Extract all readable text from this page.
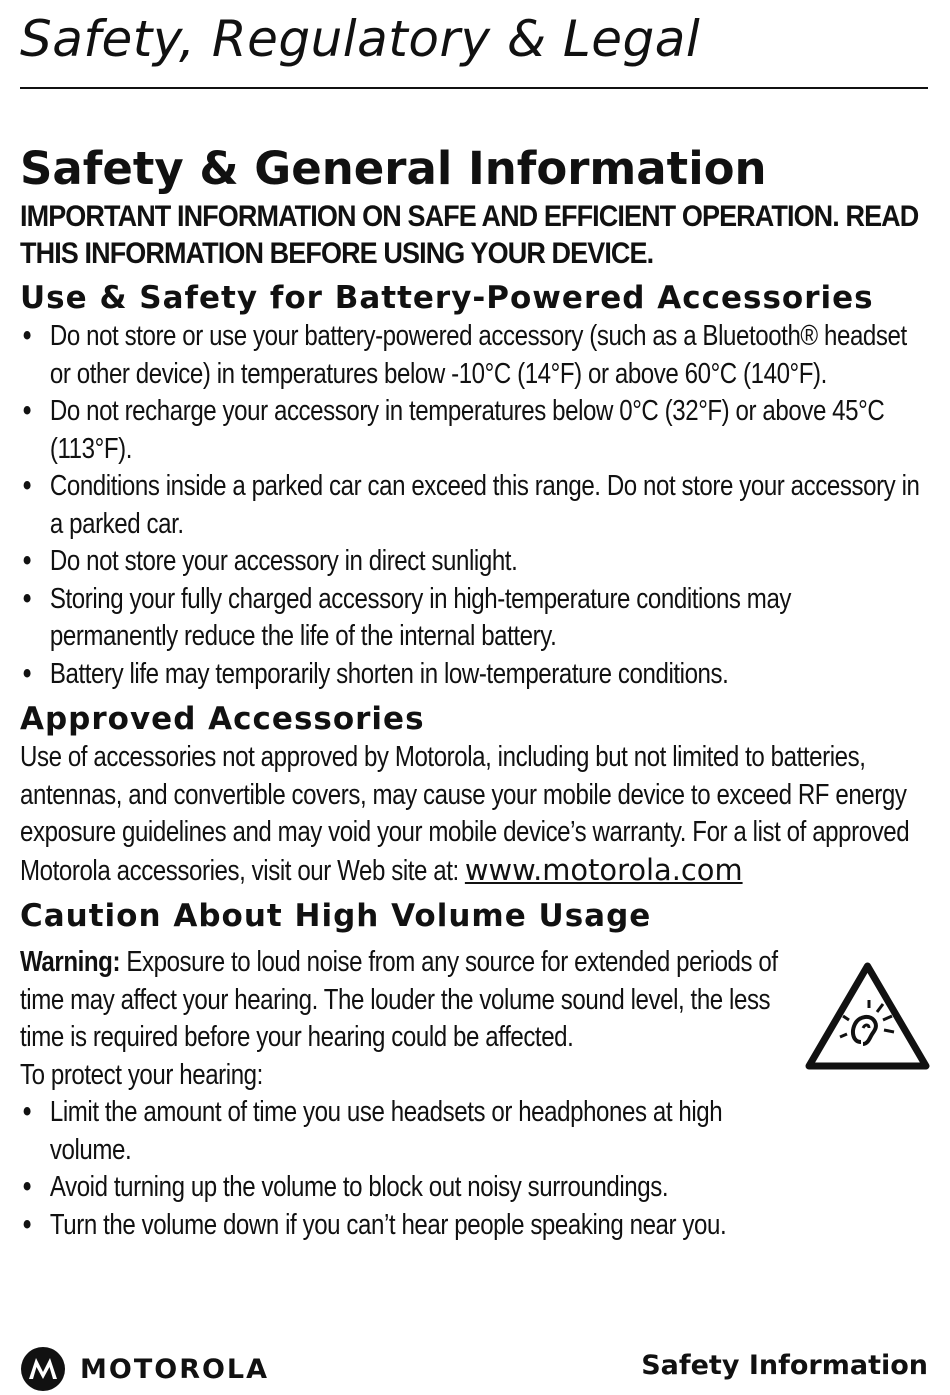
Safety, Regulatory & Legal
Safety & General Information

IMPORTANT INFORMATION ON SAFE AND EFFICIENT OPERATION. READ THIS INFORMATION BEFORE USING YOUR DEVICE.

Use & Safety for Battery-Powered Accessories
• Do not store or use your battery-powered accessory (such as a Bluetooth® headset or other device) in temperatures below -10°C (14°F) or above 60°C (140°F).
• Do not recharge your accessory in temperatures below 0°C (32°F) or above 45°C (113°F).
• Conditions inside a parked car can exceed this range. Do not store your accessory in a parked car.
• Do not store your accessory in direct sunlight.
• Storing your fully charged accessory in high-temperature conditions may permanently reduce the life of the internal battery.
• Battery life may temporarily shorten in low-temperature conditions.
Approved Accessories

Use of accessories not approved by Motorola, including but not limited to batteries, antennas, and convertible covers, may cause your mobile device to exceed RF energy exposure guidelines and may void your mobile device’s warranty. For a list of approved Motorola accessories, visit our Web site at: www.motorola.com

Caution About High Volume Usage

Warning: Exposure to loud noise from any source for extended periods of time may affect your hearing. The louder the volume sound level, the less time is required before your hearing could be affected.

To protect your hearing:

• Limit the amount of time you use headsets or headphones at high volume.
• Avoid turning up the volume to block out noisy surroundings.
• Turn the volume down if you can’t hear people speaking near you.
MOTOROLA	Safety Information
